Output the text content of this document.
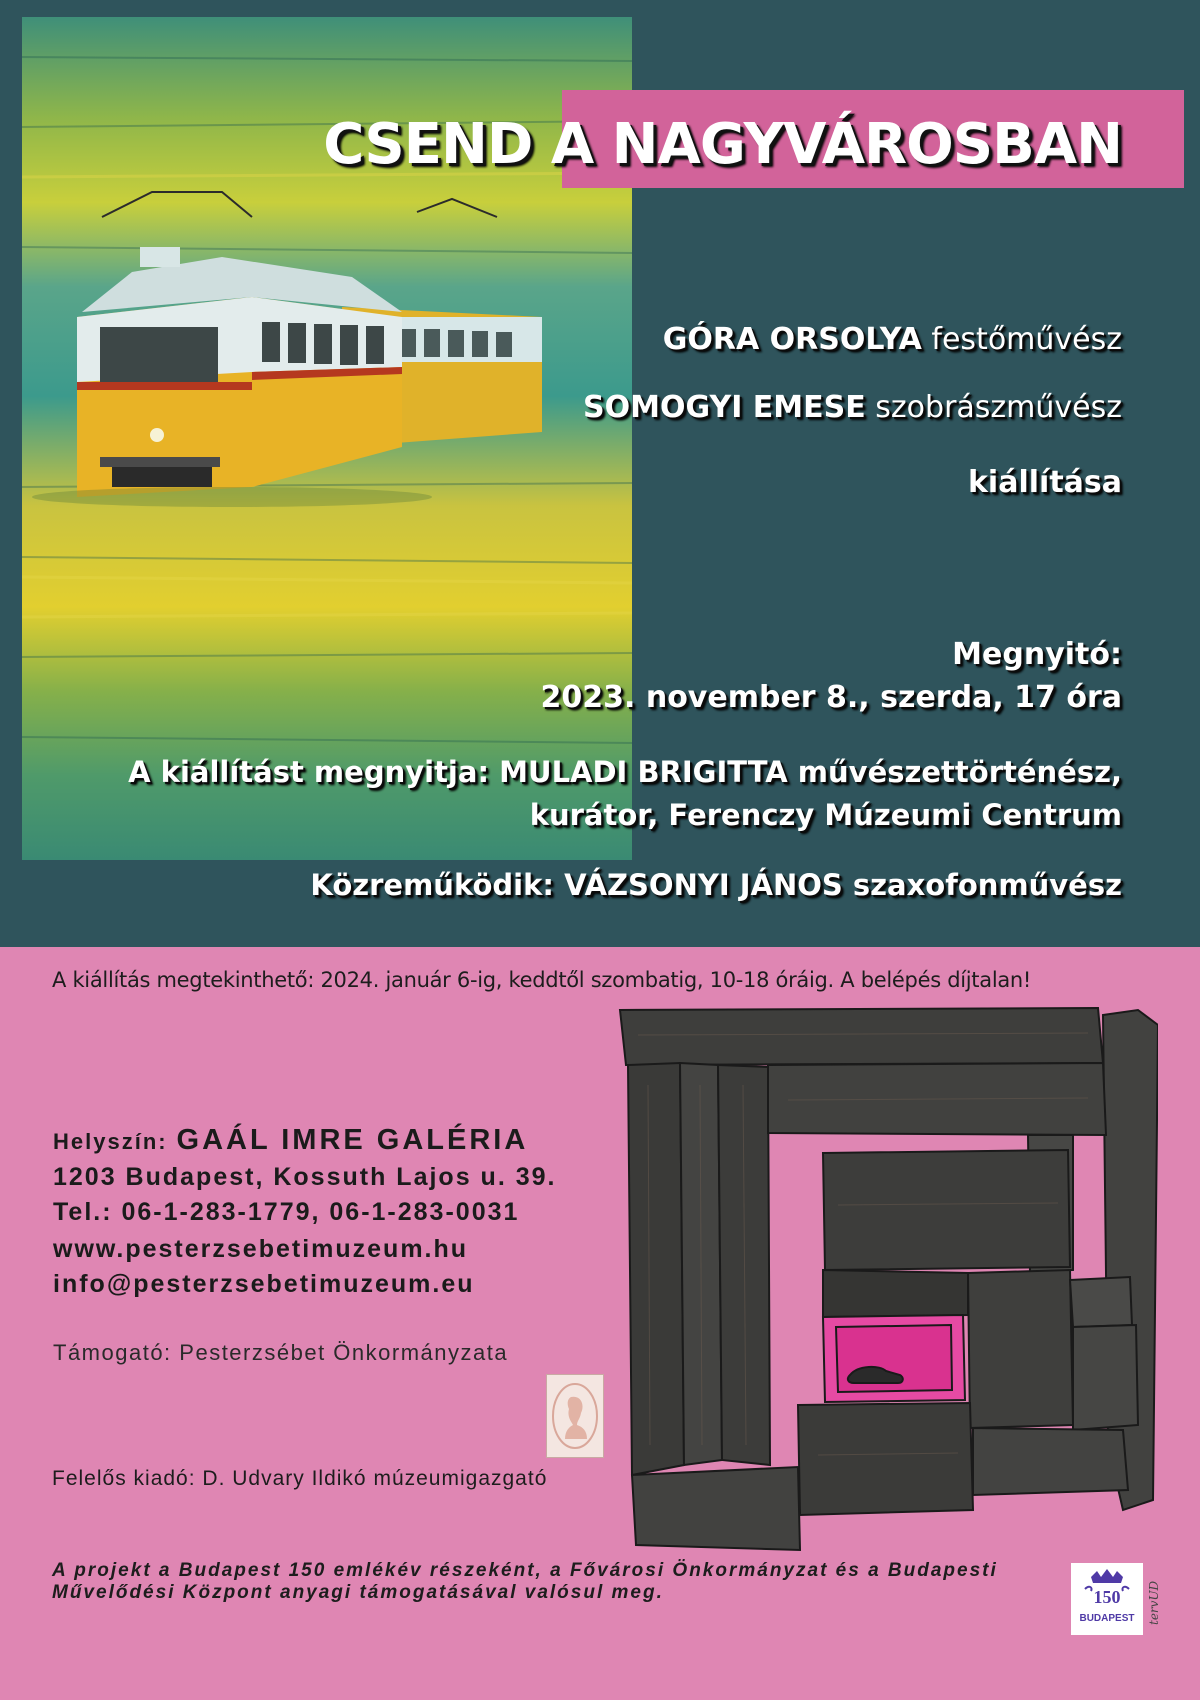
CSEND A NAGYVÁROSBAN
GÓRA ORSOLYA festőművész
SOMOGYI EMESE szobrászművész
kiállítása
Megnyitó:
2023. november 8., szerda, 17 óra
A kiállítást megnyitja: MULADI BRIGITTA művészettörténész,
kurátor, Ferenczy Múzeumi Centrum
Közreműködik: VÁZSONYI JÁNOS szaxofonművész
A kiállítás megtekinthető: 2024. január 6-ig, keddtől szombatig, 10-18 óráig. A belépés díjtalan!
Helyszín: GAÁL IMRE GALÉRIA
1203 Budapest, Kossuth Lajos u. 39.
Tel.: 06-1-283-1779, 06-1-283-0031
www.pesterzsebetimuzeum.hu
info@pesterzsebetimuzeum.eu
Támogató: Pesterzsébet Önkormányzata
Felelős kiadó: D. Udvary Ildikó múzeumigazgató
A projekt a Budapest 150 emlékév részeként, a Fővárosi Önkormányzat és a Budapesti
Művelődési Központ anyagi támogatásával valósul meg.	150
BUDAPEST	tervUD
